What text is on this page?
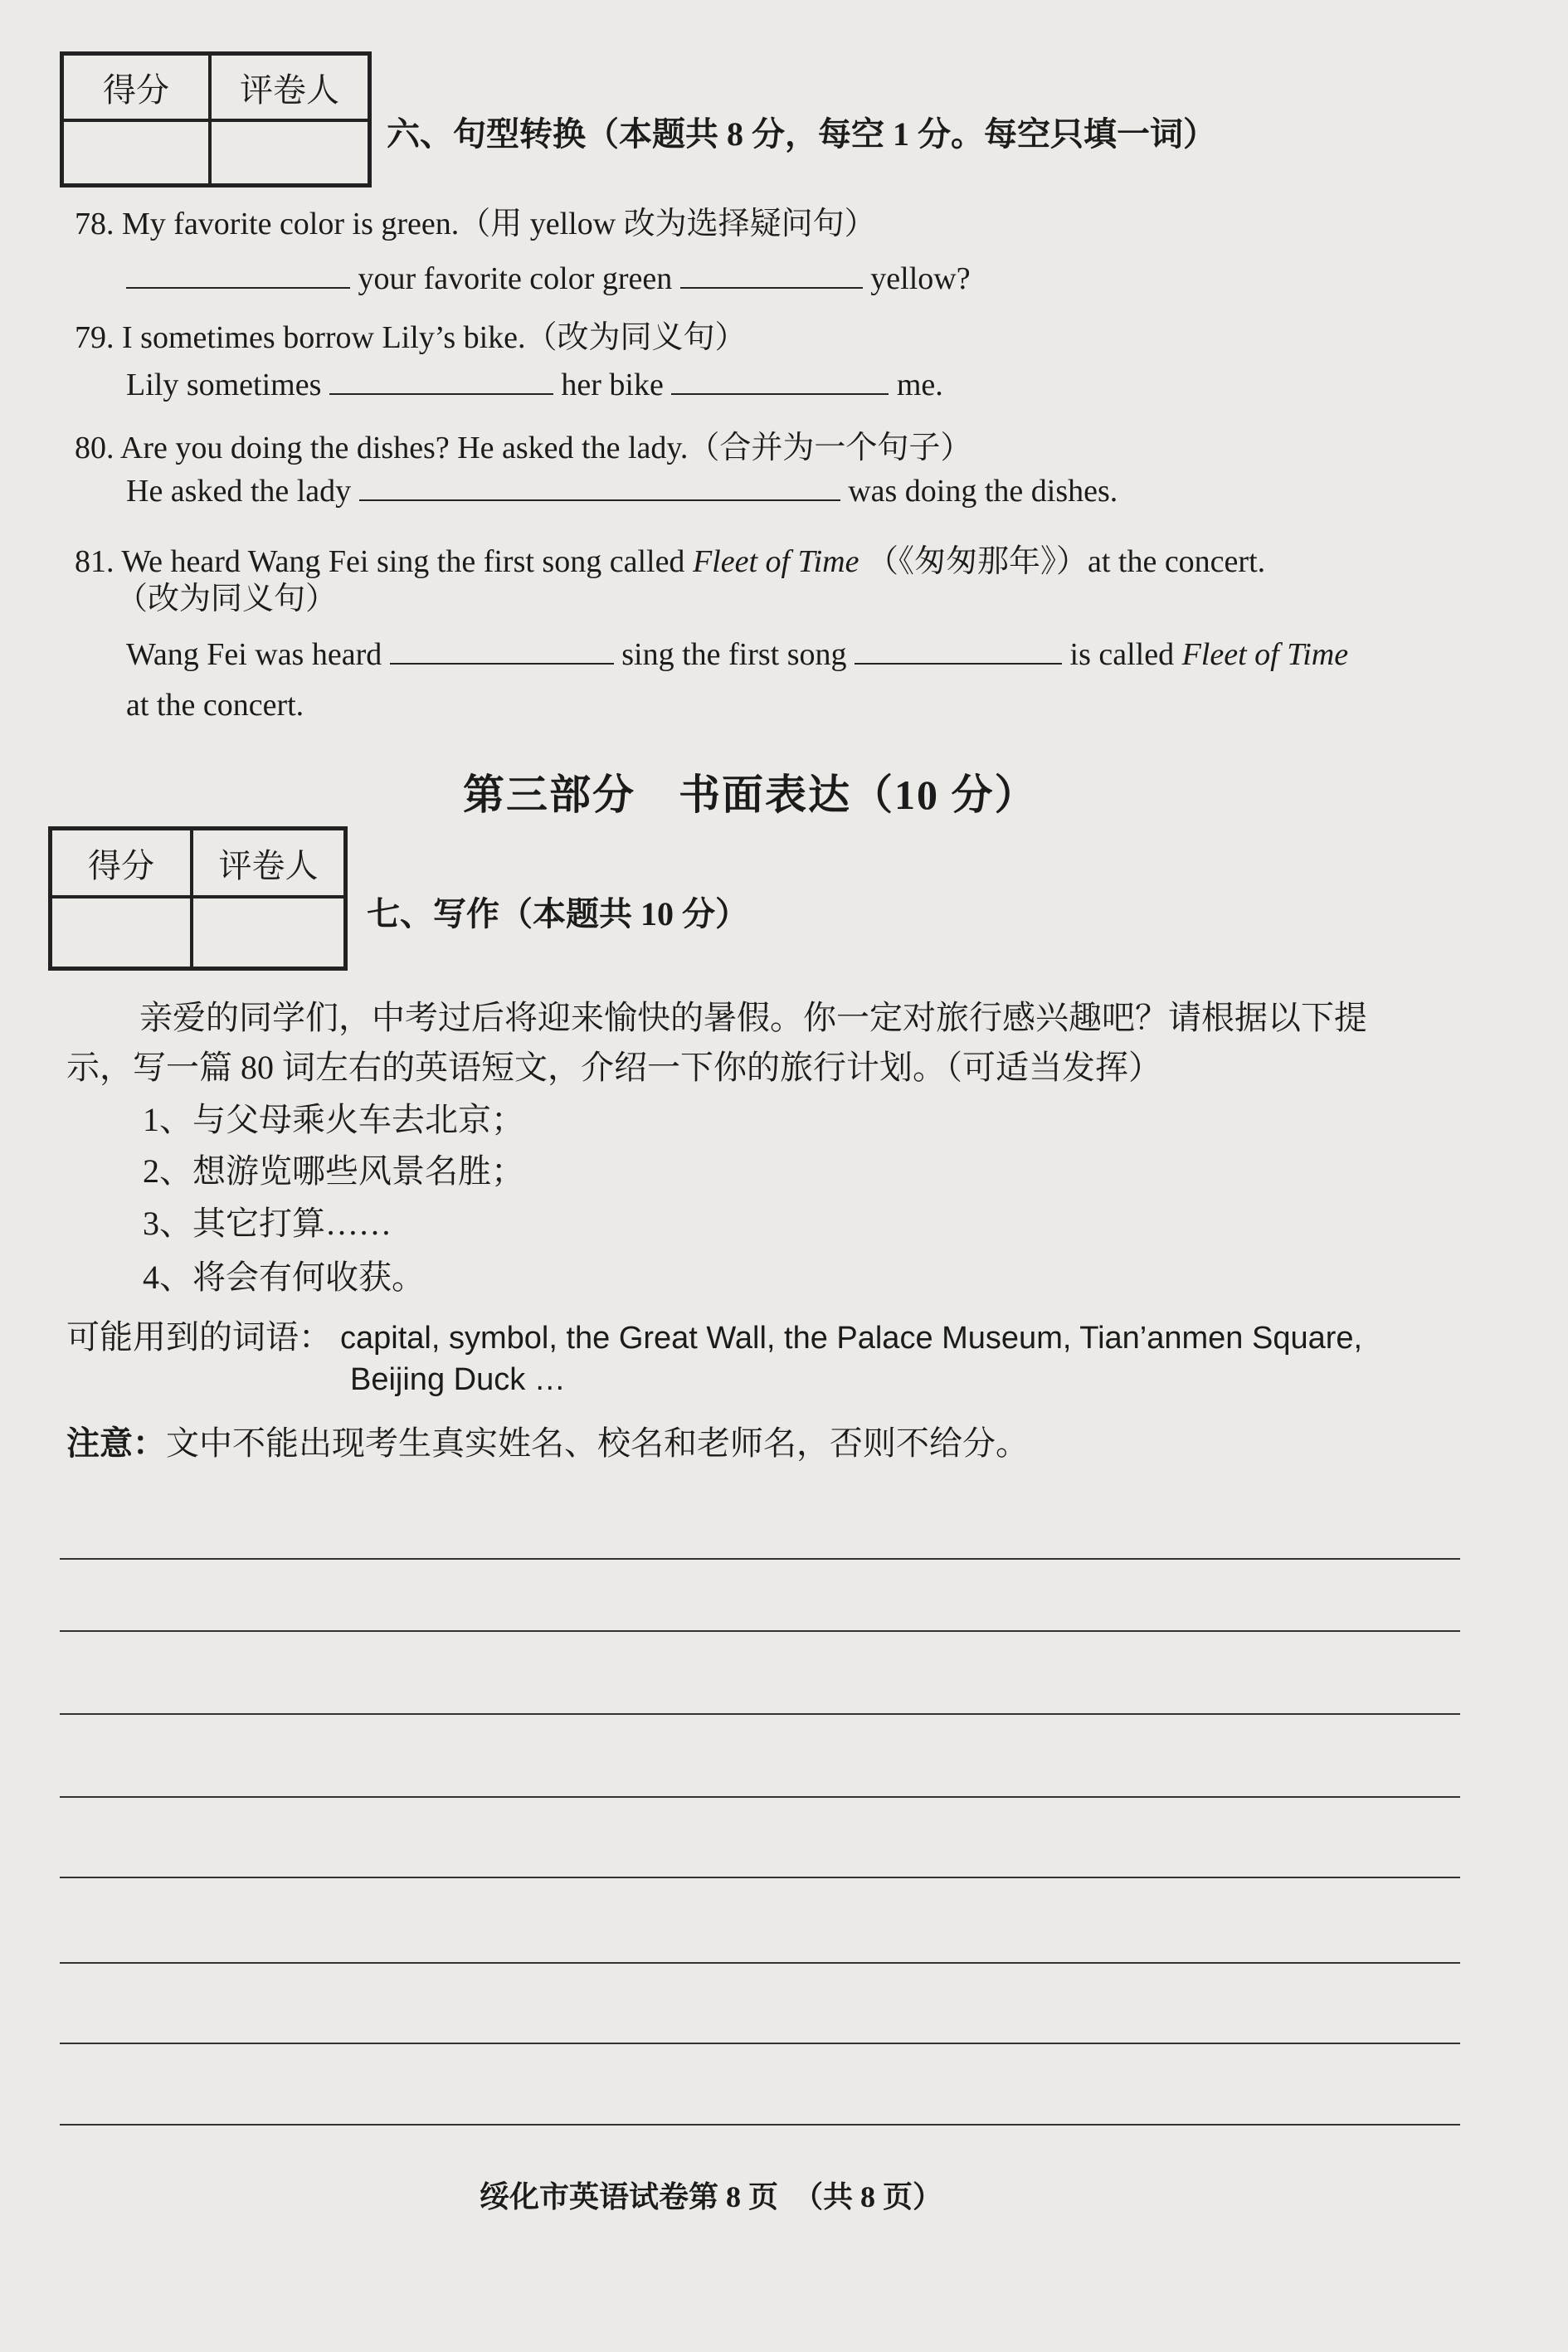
得分	评卷人
六、句型转换（本题共 8 分，每空 1 分。每空只填一词）
78. My favorite color is green.（用 yellow 改为选择疑问句）
your favorite color green	yellow?
79. I sometimes borrow Lily’s bike.（改为同义句）
Lily sometimes	her bike	me.
80. Are you doing the dishes? He asked the lady.（合并为一个句子）
He asked the lady	was doing the dishes.
81. We heard Wang Fei sing the first song called Fleet of Time （《匆匆那年》）at the concert.
（改为同义句）
Wang Fei was heard	sing the first song	is called Fleet of Time
at the concert.
第三部分　书面表达（10 分）
得分	评卷人
七、写作（本题共 10 分）
亲爱的同学们，中考过后将迎来愉快的暑假。你一定对旅行感兴趣吧？请根据以下提
示，写一篇 80 词左右的英语短文，介绍一下你的旅行计划。（可适当发挥）
1、与父母乘火车去北京；
2、想游览哪些风景名胜；
3、其它打算……
4、将会有何收获。
可能用到的词语： capital, symbol, the Great Wall, the Palace Museum, Tian’anmen Square,
Beijing Duck …
注意：文中不能出现考生真实姓名、校名和老师名，否则不给分。
绥化市英语试卷第 8 页　（共 8 页）
